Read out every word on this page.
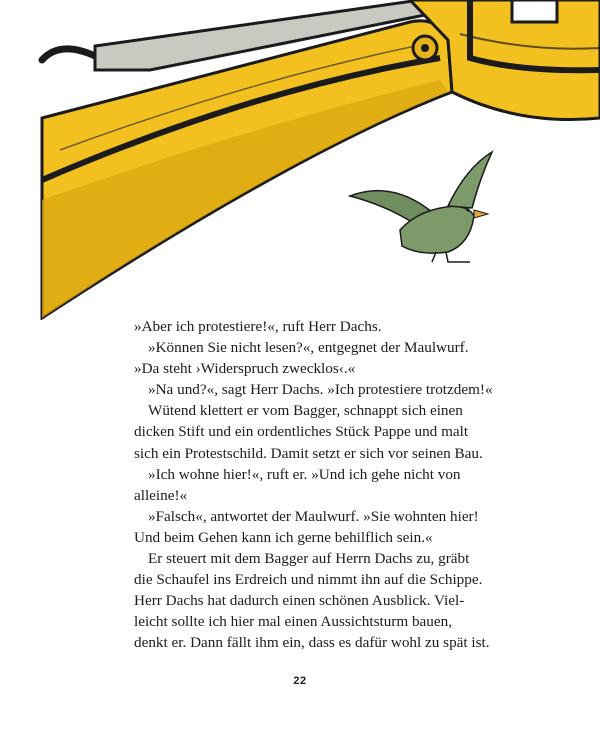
»Aber ich protestiere!«, ruft Herr Dachs.

»Können Sie nicht lesen?«, entgegnet der Maulwurf.

»Da steht ›Widerspruch zwecklos‹.«

»Na und?«, sagt Herr Dachs. »Ich protestiere trotzdem!«

Wütend klettert er vom Bagger, schnappt sich einen

dicken Stift und ein ordentliches Stück Pappe und malt

sich ein Protestschild. Damit setzt er sich vor seinen Bau.

»Ich wohne hier!«, ruft er. »Und ich gehe nicht von

alleine!«

»Falsch«, antwortet der Maulwurf. »Sie wohnten hier!

Und beim Gehen kann ich gerne behilflich sein.«

Er steuert mit dem Bagger auf Herrn Dachs zu, gräbt

die Schaufel ins Erdreich und nimmt ihn auf die Schippe.

Herr Dachs hat dadurch einen schönen Ausblick. Viel-

leicht sollte ich hier mal einen Aussichtsturm bauen,

denkt er. Dann fällt ihm ein, dass es dafür wohl zu spät ist.

22
